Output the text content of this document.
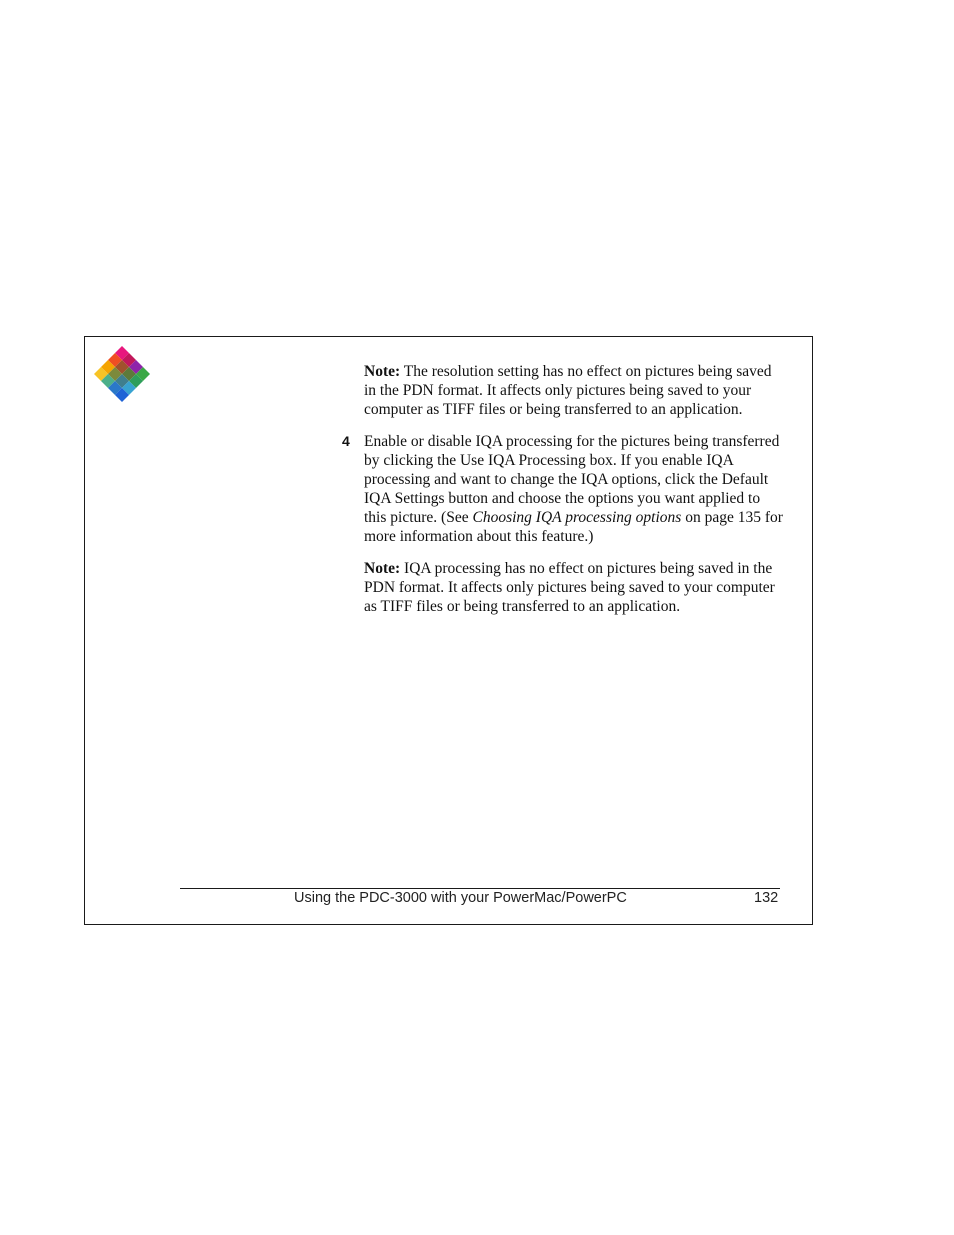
Note: The resolution setting has no effect on pictures being saved in the PDN format. It affects only pictures being saved to your computer as TIFF files or being transferred to an application.

4 Enable or disable IQA processing for the pictures being transferred by clicking the Use IQA Processing box. If you enable IQA processing and want to change the IQA options, click the Default IQA Settings button and choose the options you want applied to this picture. (See Choosing IQA processing options on page 135 for more information about this feature.)

Note: IQA processing has no effect on pictures being saved in the PDN format. It affects only pictures being saved to your computer as TIFF files or being transferred to an application.

Using the PDC-3000 with your PowerMac/PowerPC	132
